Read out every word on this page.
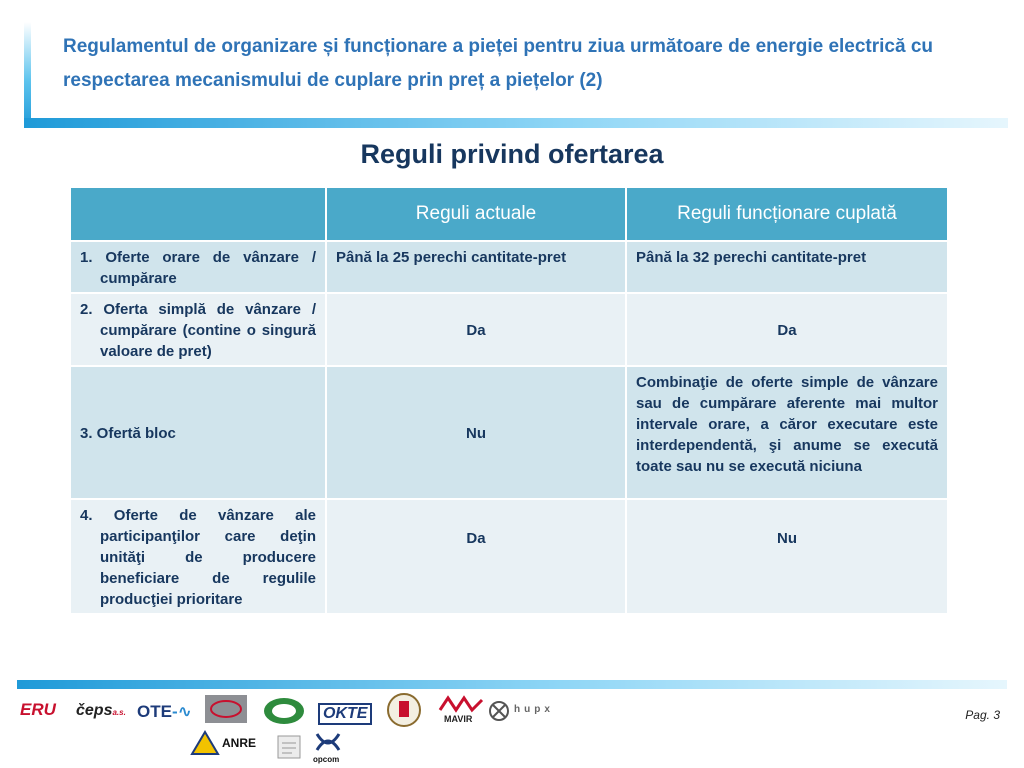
Regulamentul de organizare și funcționare a pieței pentru ziua următoare de energie electrică cu respectarea mecanismului de cuplare prin preț a piețelor (2)
Reguli privind ofertarea
	Reguli actuale	Reguli funcționare cuplată
1. Oferte orare de vânzare / cumpărare	Până la 25 perechi cantitate-pret	Până la 32 perechi cantitate-pret
2. Oferta simplă de vânzare / cumpărare (contine o singură valoare de pret)	Da	Da
3. Ofertă bloc	Nu	Combinaţie de oferte simple de vânzare sau de cumpărare aferente mai multor intervale orare, a căror executare este interdependentă, şi anume se execută toate sau nu se execută niciuna
4. Oferte de vânzare ale participanţilor care deţin unităţi de producere beneficiare de regulile producţiei prioritare	Da	Nu
ERU čepsa.s. OTE-∿	OKTE	MAVIR
hupx
ANRE
opcom
Pag. 3
